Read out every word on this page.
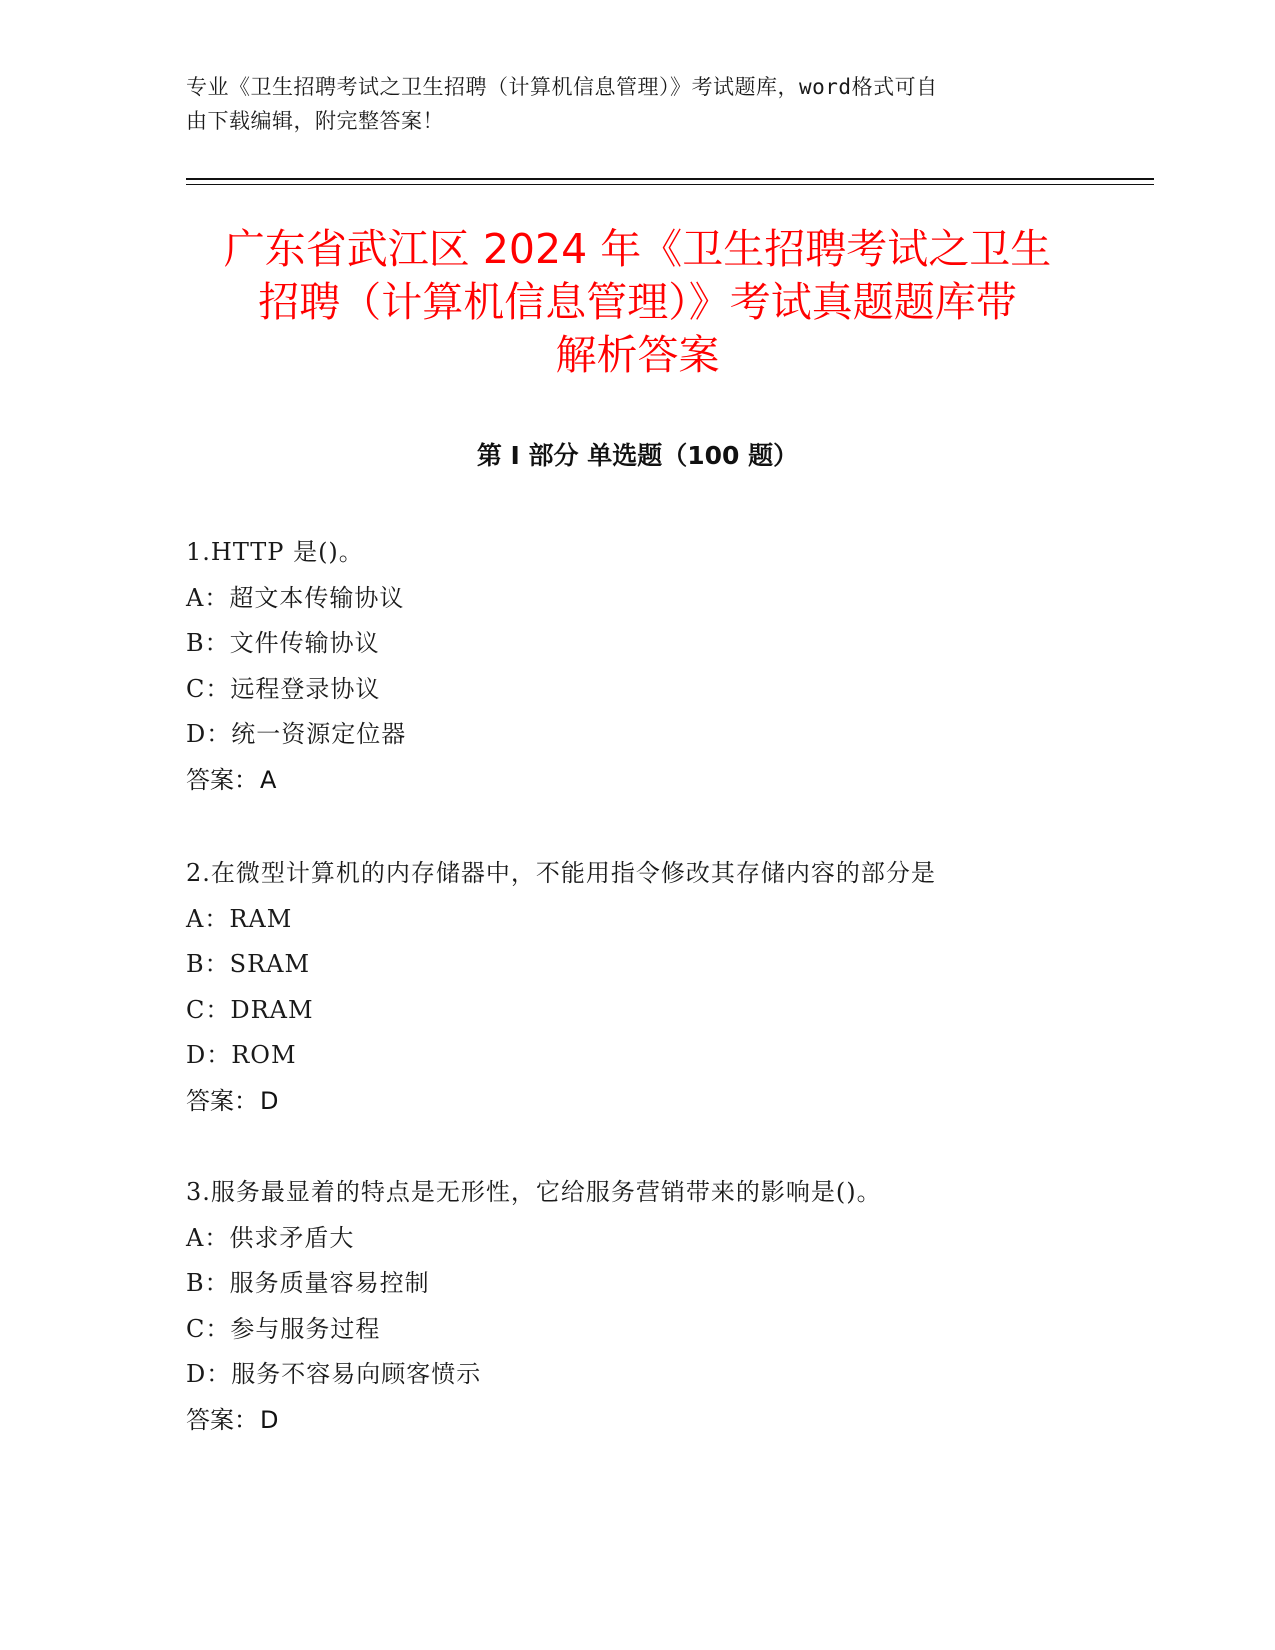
专业《卫生招聘考试之卫生招聘（计算机信息管理）》考试题库，word格式可自
由下载编辑，附完整答案！
广东省武江区 2024 年《卫生招聘考试之卫生
招聘（计算机信息管理）》考试真题题库带
解析答案
第 I 部分 单选题（100 题）
1.HTTP 是()。
A：超文本传输协议
B：文件传输协议
C：远程登录协议
D：统一资源定位器
答案：A
2.在微型计算机的内存储器中，不能用指令修改其存储内容的部分是
A：RAM
B：SRAM
C：DRAM
D：ROM
答案：D
3.服务最显着的特点是无形性，它给服务营销带来的影响是()。
A：供求矛盾大
B：服务质量容易控制
C：参与服务过程
D：服务不容易向顾客愤示
答案：D
